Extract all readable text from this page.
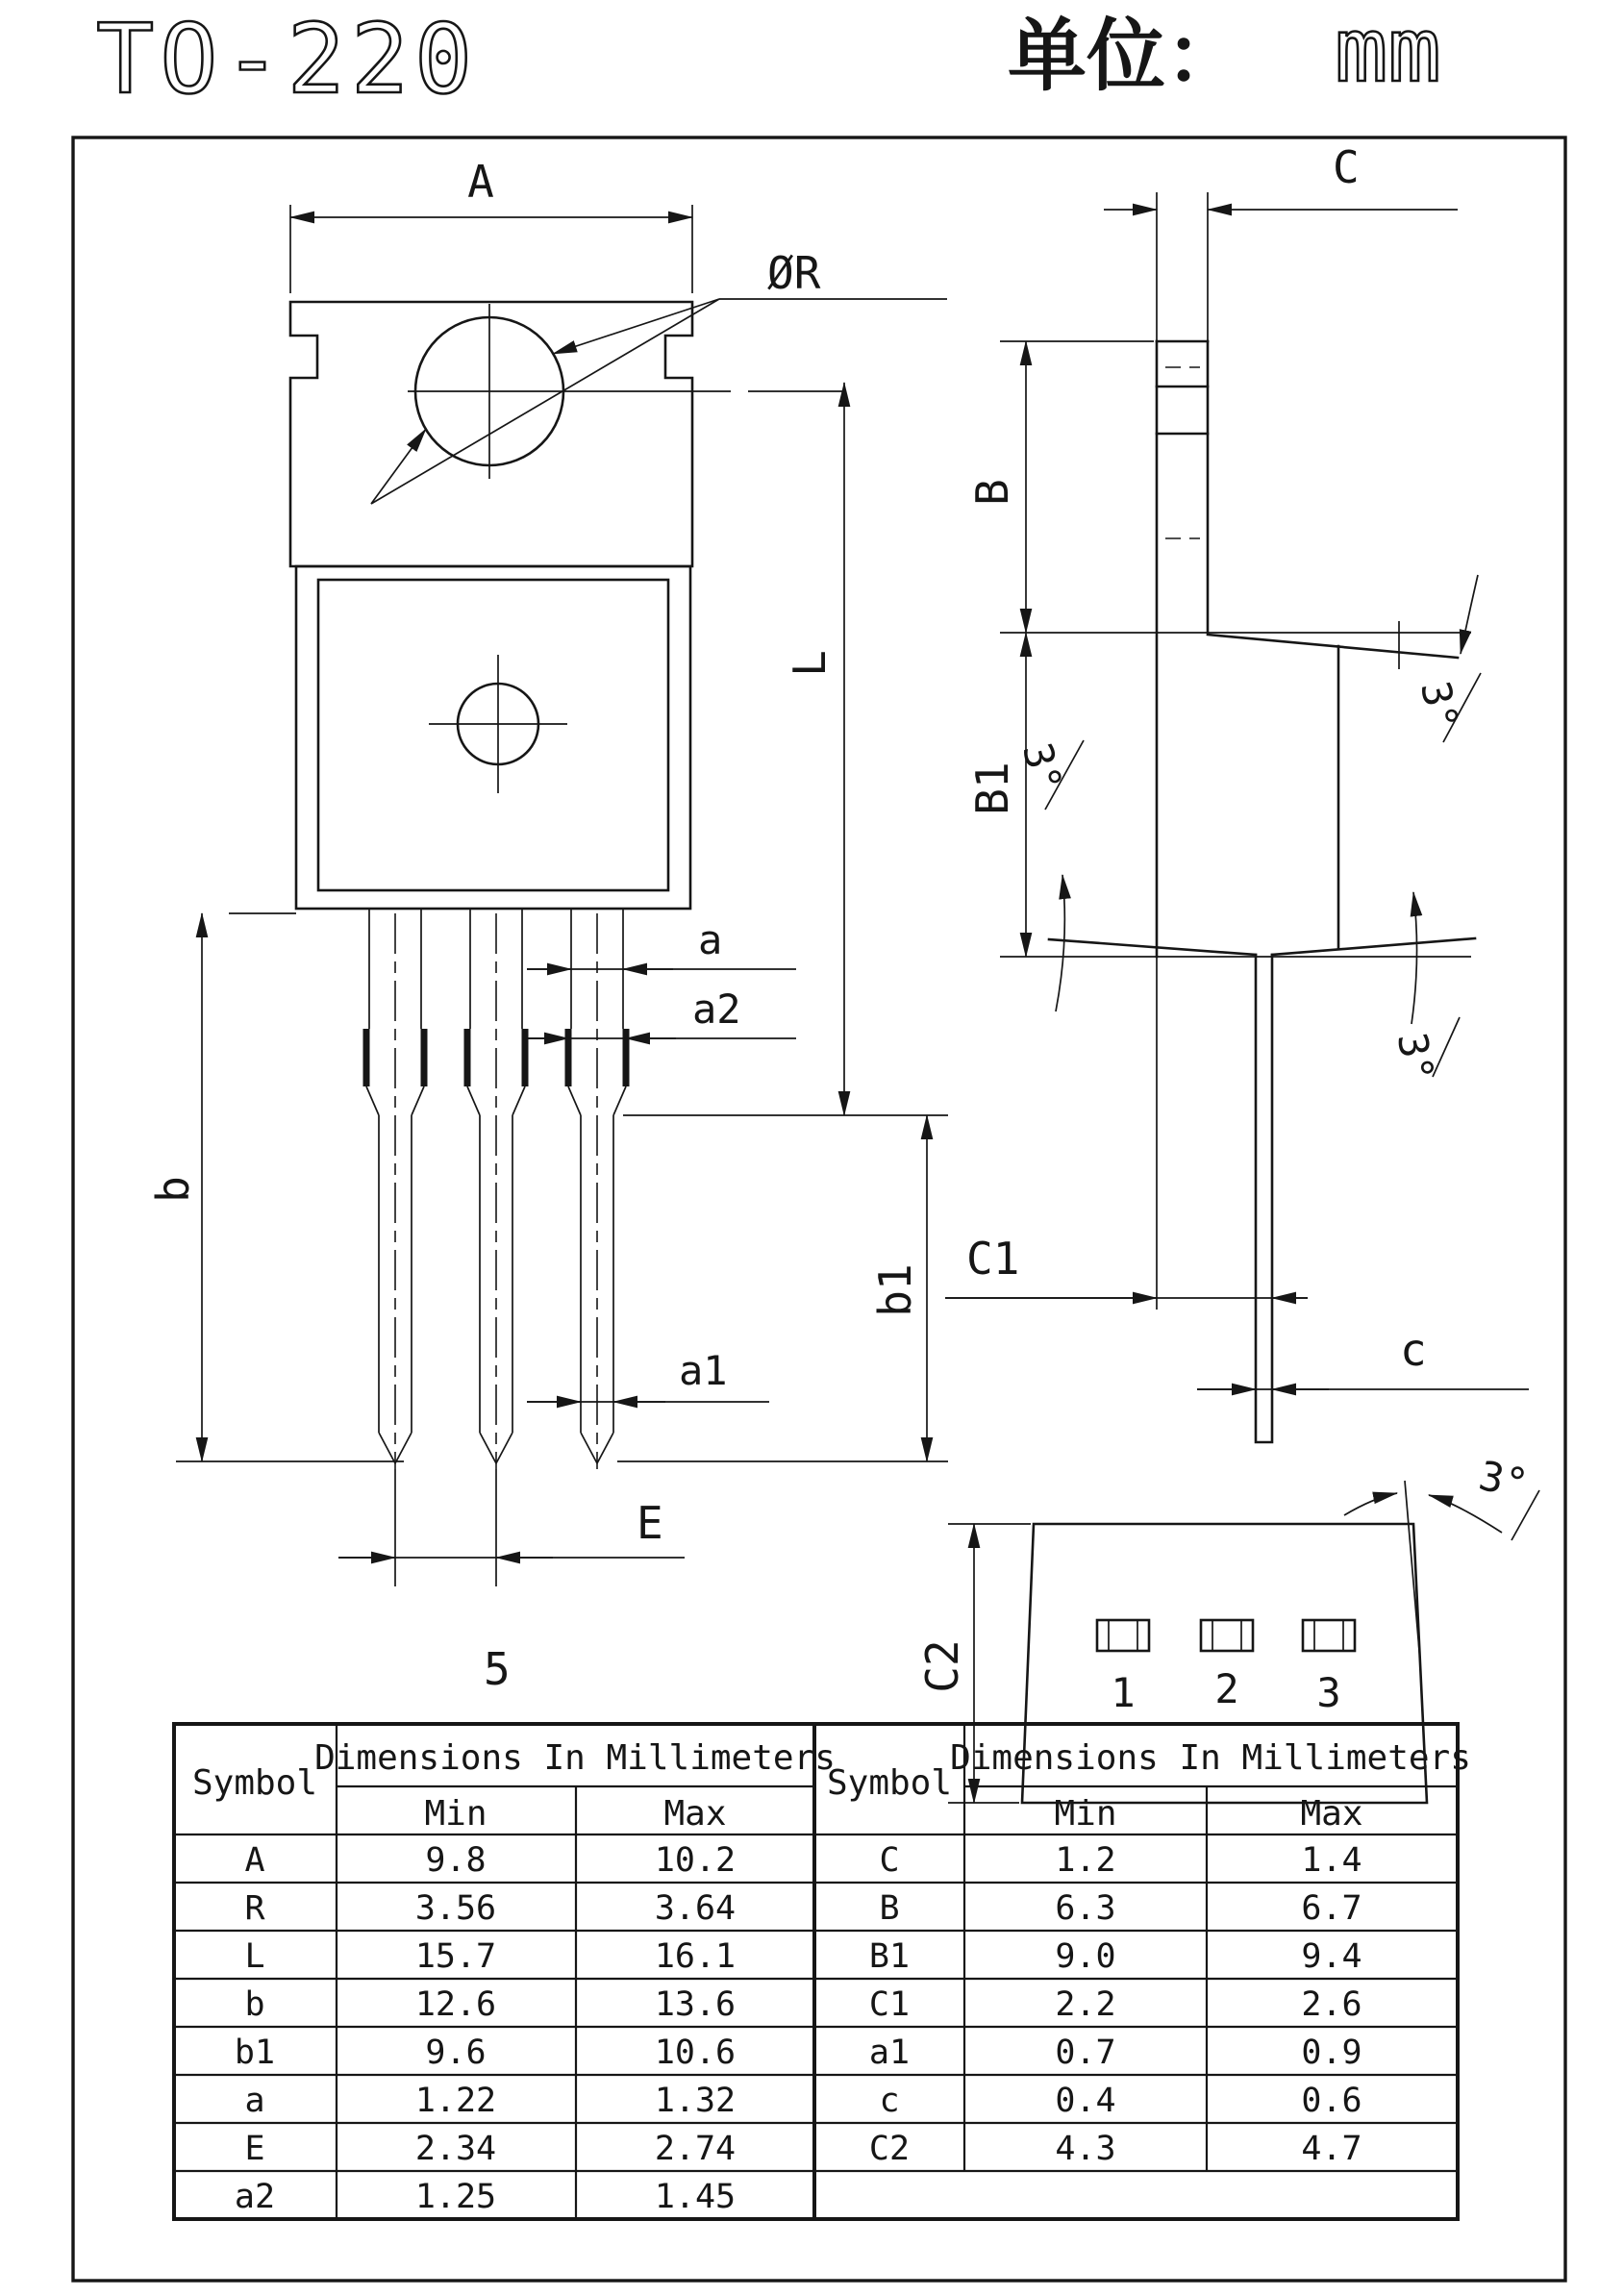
TO-220	单位： mm
A
ØR
L
a
a2
a1
b
b1
E
5
C
B
3°
B1
3°
3°
C1
c
3°
C2	1 2 3
Symbol
Dimensions In Millimeters
Min	Max
Symbol
Dimensions In Millimeters
Min	Max
A	9.8	10.2
R	3.56	3.64
L	15.7	16.1
b	12.6	13.6
b1	9.6	10.6
a	1.22	1.32
E	2.34	2.74
a2	1.25	1.45
C	1.2	1.4
B	6.3	6.7
B1	9.0	9.4
C1	2.2	2.6
a1	0.7	0.9
c	0.4	0.6
C2	4.3	4.7
